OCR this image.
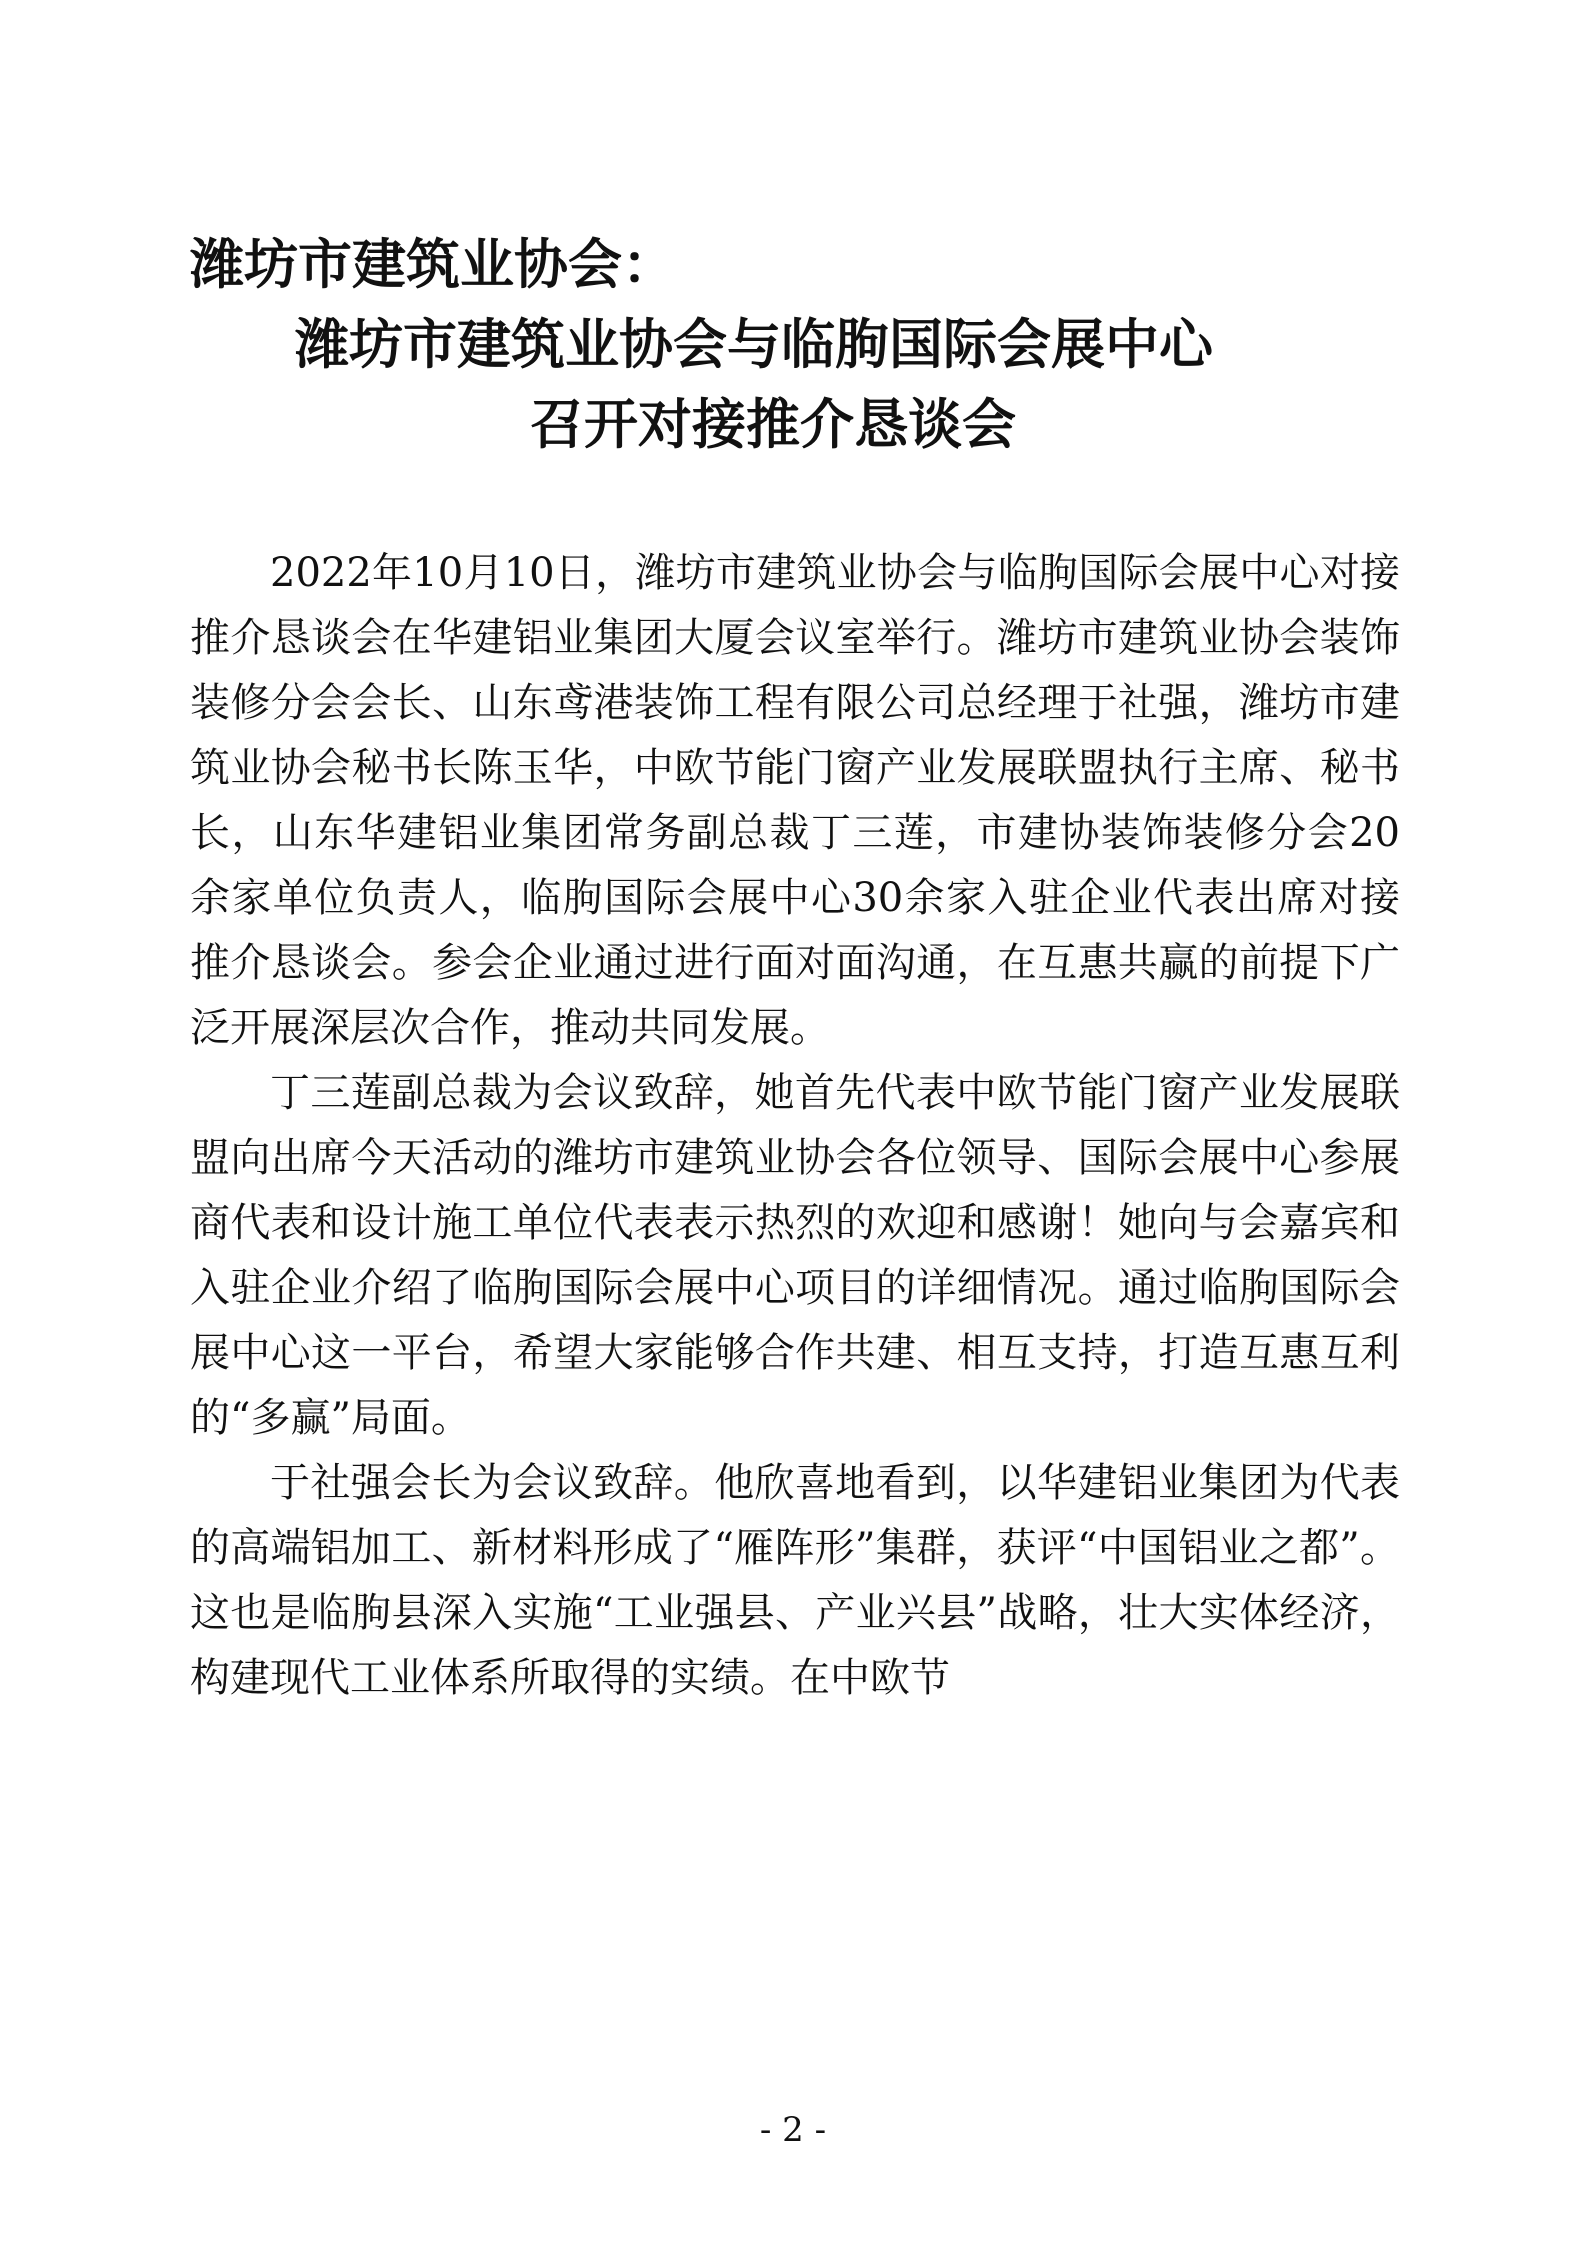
潍坊市建筑业协会：
潍坊市建筑业协会与临朐国际会展中心
召开对接推介恳谈会

2022年10月10日，潍坊市建筑业协会与临朐国际会展中心对接推介恳谈会在华建铝业集团大厦会议室举行。潍坊市建筑业协会装饰装修分会会长、山东鸢港装饰工程有限公司总经理于社强，潍坊市建筑业协会秘书长陈玉华，中欧节能门窗产业发展联盟执行主席、秘书长，山东华建铝业集团常务副总裁丁三莲，市建协装饰装修分会20余家单位负责人，临朐国际会展中心30余家入驻企业代表出席对接推介恳谈会。参会企业通过进行面对面沟通，在互惠共赢的前提下广泛开展深层次合作，推动共同发展。

丁三莲副总裁为会议致辞，她首先代表中欧节能门窗产业发展联盟向出席今天活动的潍坊市建筑业协会各位领导、国际会展中心参展商代表和设计施工单位代表表示热烈的欢迎和感谢！她向与会嘉宾和入驻企业介绍了临朐国际会展中心项目的详细情况。通过临朐国际会展中心这一平台，希望大家能够合作共建、相互支持，打造互惠互利的“多赢”局面。

于社强会长为会议致辞。他欣喜地看到，以华建铝业集团为代表的高端铝加工、新材料形成了“雁阵形”集群，获评“中国铝业之都”。这也是临朐县深入实施“工业强县、产业兴县”战略，壮大实体经济，构建现代工业体系所取得的实绩。在中欧节

- 2 -
